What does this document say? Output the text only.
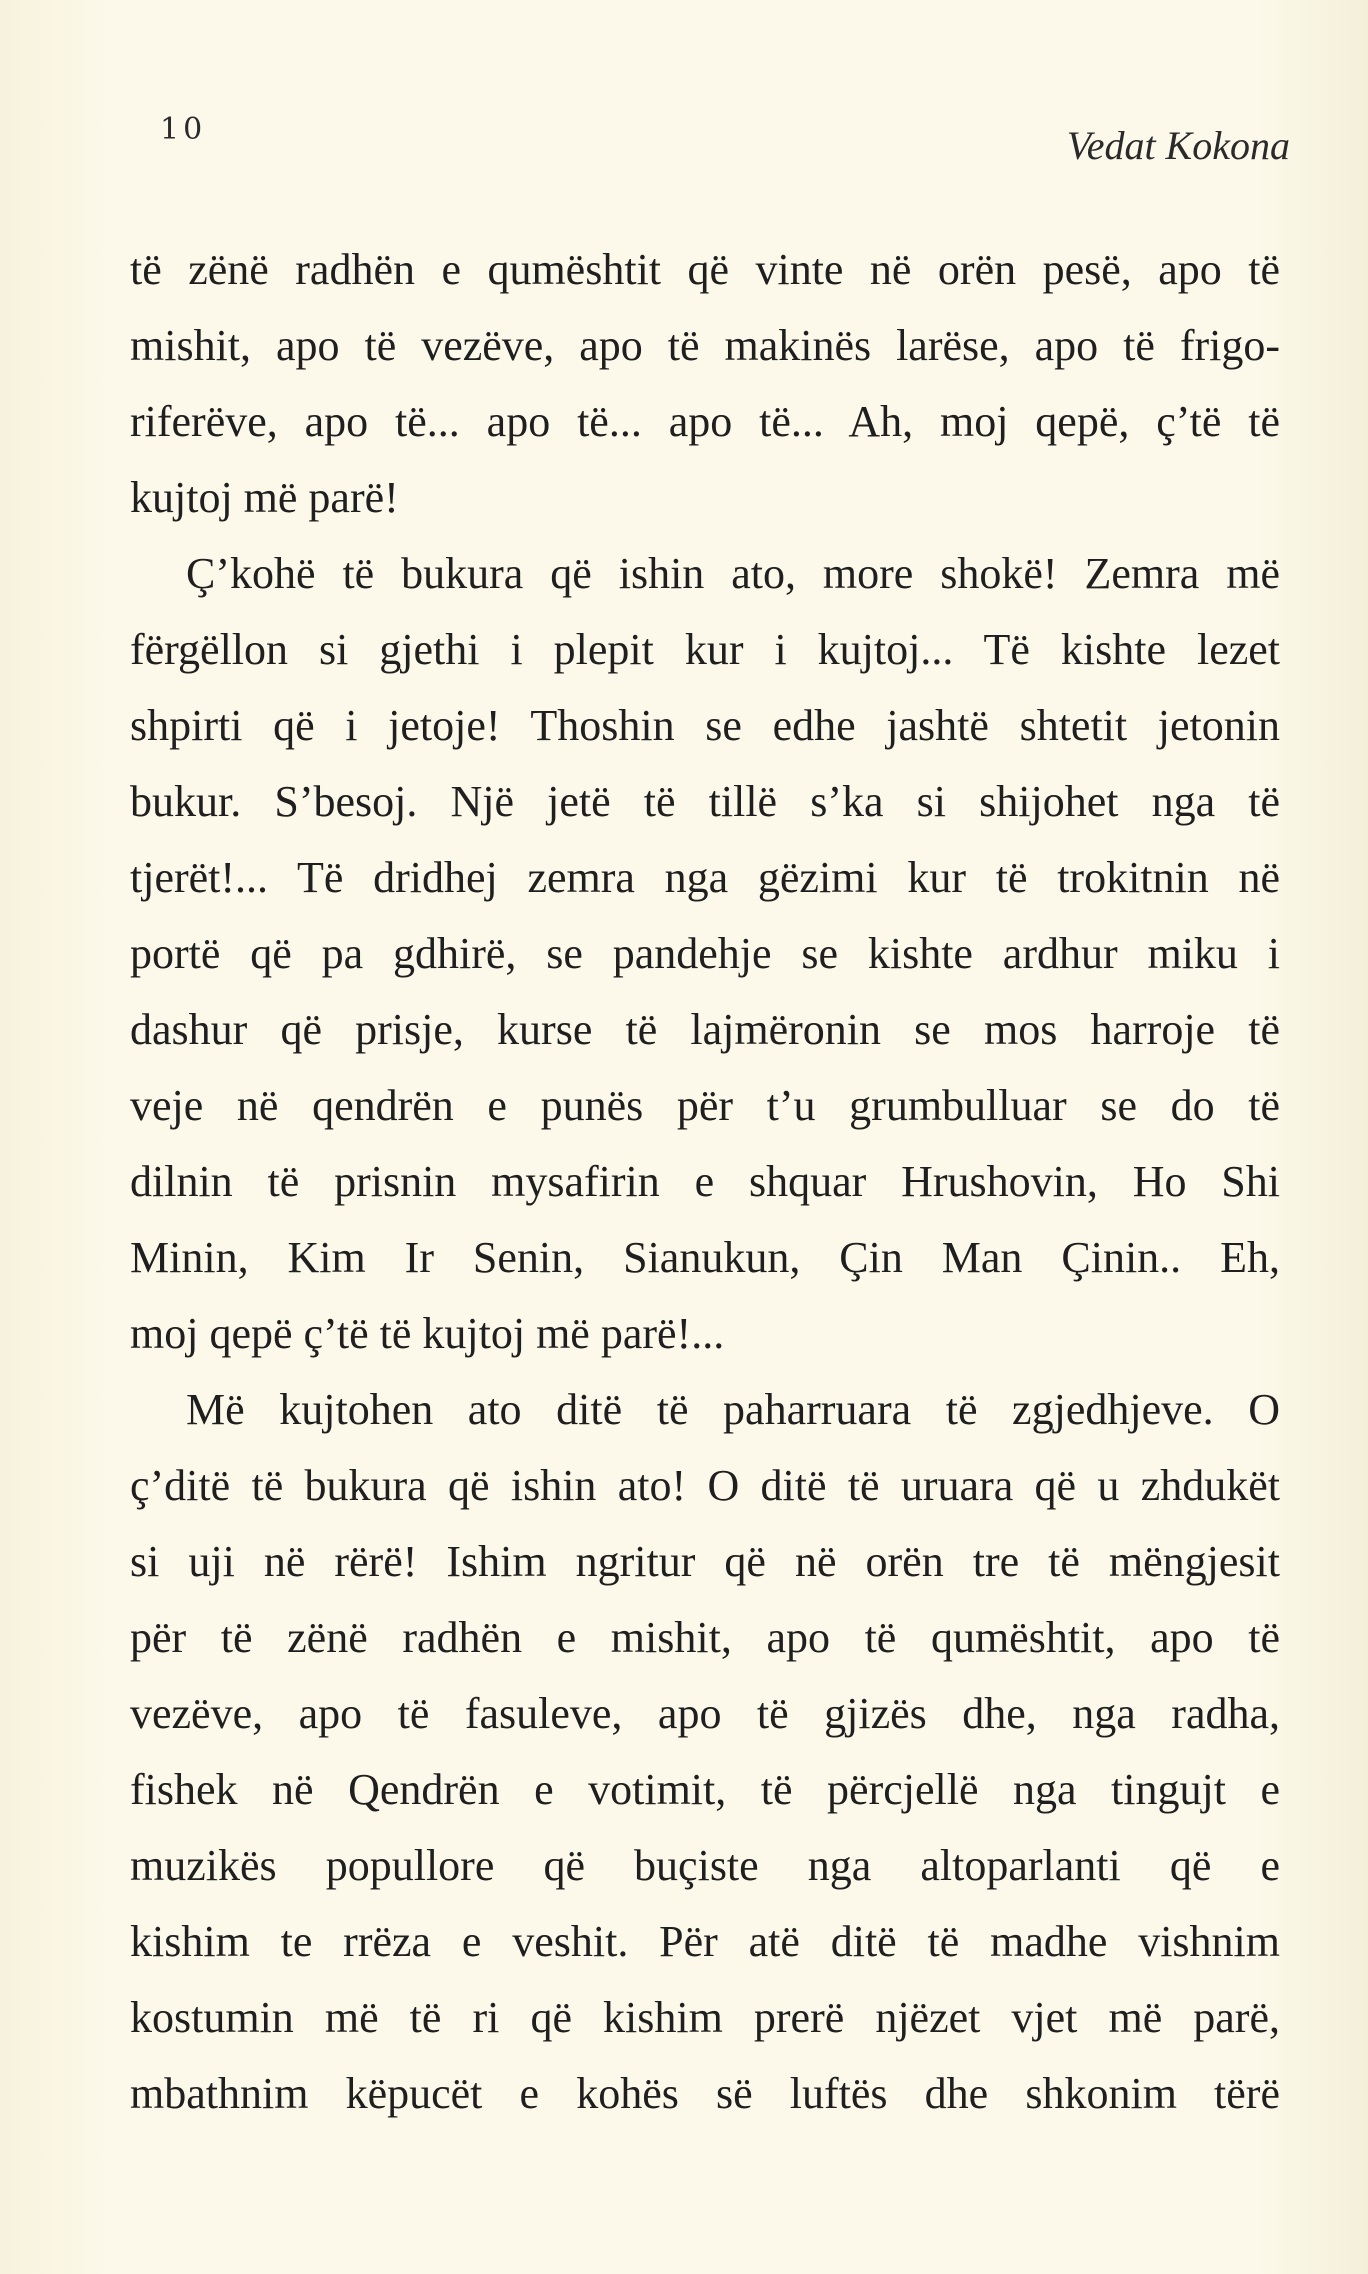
10	Vedat Kokona
të zënë radhën e qumështit që vinte në orën pesë, apo të
mishit, apo të vezëve, apo të makinës larëse, apo të frigo-
riferëve, apo të... apo të... apo të... Ah, moj qepë, ç’të të
kujtoj më parë!
Ç’kohë të bukura që ishin ato, more shokë! Zemra më
fërgëllon si gjethi i plepit kur i kujtoj... Të kishte lezet
shpirti që i jetoje! Thoshin se edhe jashtë shtetit jetonin
bukur. S’besoj. Një jetë të tillë s’ka si shijohet nga të
tjerët!... Të dridhej zemra nga gëzimi kur të trokitnin në
portë që pa gdhirë, se pandehje se kishte ardhur miku i
dashur që prisje, kurse të lajmëronin se mos harroje të
veje në qendrën e punës për t’u grumbulluar se do të
dilnin të prisnin mysafirin e shquar Hrushovin, Ho Shi
Minin, Kim Ir Senin, Sianukun, Çin Man Çinin.. Eh,
moj qepë ç’të të kujtoj më parë!...
Më kujtohen ato ditë të paharruara të zgjedhjeve. O
ç’ditë të bukura që ishin ato! O ditë të uruara që u zhdukët
si uji në rërë! Ishim ngritur që në orën tre të mëngjesit
për të zënë radhën e mishit, apo të qumështit, apo të
vezëve, apo të fasuleve, apo të gjizës dhe, nga radha,
fishek në Qendrën e votimit, të përcjellë nga tingujt e
muzikës popullore që buçiste nga altoparlanti që e
kishim te rrëza e veshit. Për atë ditë të madhe vishnim
kostumin më të ri që kishim prerë njëzet vjet më parë,
mbathnim këpucët e kohës së luftës dhe shkonim tërë
